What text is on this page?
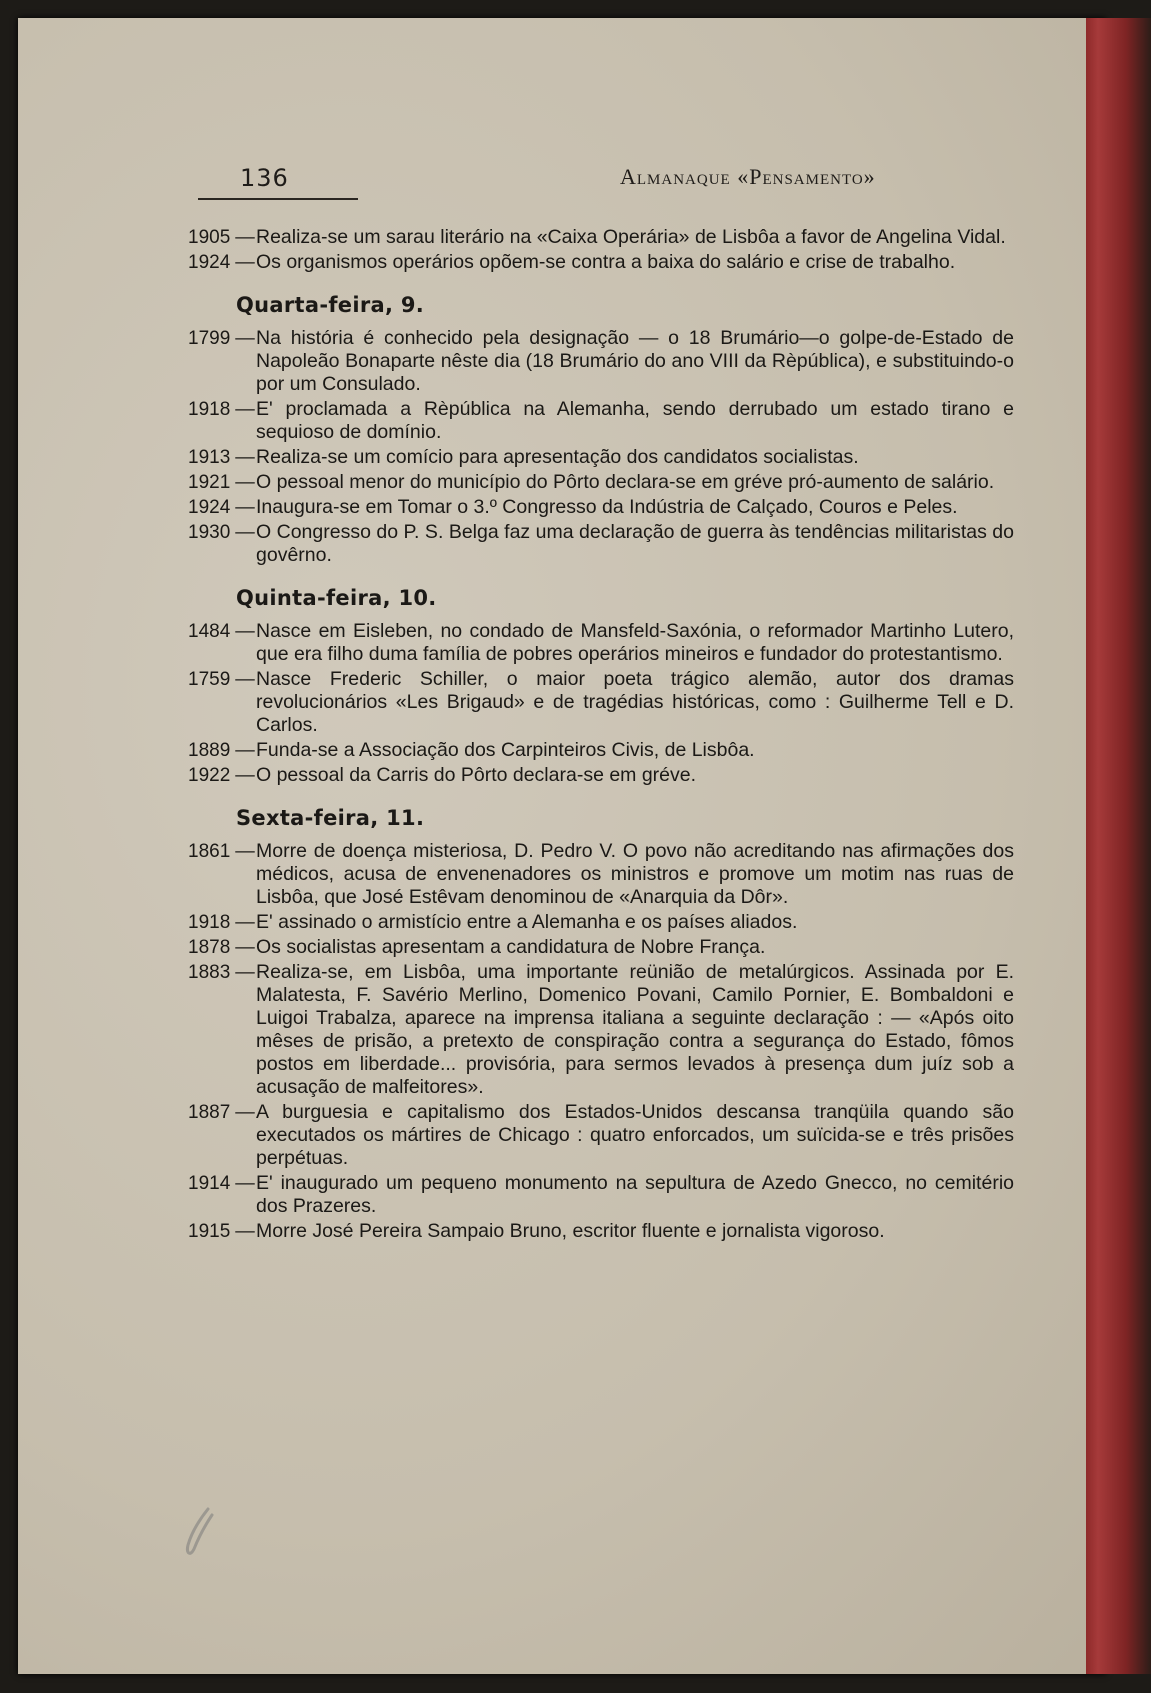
136	Almanaque «Pensamento»
1905 — Realiza-se um sarau literário na «Caixa Operária» de Lisbôa a favor de Angelina Vidal.
1924 — Os organismos operários opõem-se contra a baixa do salário e crise de trabalho.
Quarta-feira, 9.
1799 — Na história é conhecido pela designação — o 18 Brumário—o golpe-de-Estado de Napoleão Bonaparte nêste dia (18 Brumário do ano VIII da Rèpública), e substituindo-o por um Consulado.
1918 — E' proclamada a Rèpública na Alemanha, sendo derrubado um estado tirano e sequioso de domínio.
1913 — Realiza-se um comício para apresentação dos candidatos socialistas.
1921 — O pessoal menor do município do Pôrto declara-se em gréve pró-aumento de salário.
1924 — Inaugura-se em Tomar o 3.º Congresso da Indústria de Calçado, Couros e Peles.
1930 — O Congresso do P. S. Belga faz uma declaração de guerra às tendências militaristas do govêrno.
Quinta-feira, 10.
1484 — Nasce em Eisleben, no condado de Mansfeld-Saxónia, o reformador Martinho Lutero, que era filho duma família de pobres operários mineiros e fundador do protestantismo.
1759 — Nasce Frederic Schiller, o maior poeta trágico alemão, autor dos dramas revolucionários «Les Brigaud» e de tragédias históricas, como : Guilherme Tell e D. Carlos.
1889 — Funda-se a Associação dos Carpinteiros Civis, de Lisbôa.
1922 — O pessoal da Carris do Pôrto declara-se em gréve.
Sexta-feira, 11.
1861 — Morre de doença misteriosa, D. Pedro V. O povo não acreditando nas afirmações dos médicos, acusa de envenenadores os ministros e promove um motim nas ruas de Lisbôa, que José Estêvam denominou de «Anarquia da Dôr».
1918 — E' assinado o armistício entre a Alemanha e os países aliados.
1878 — Os socialistas apresentam a candidatura de Nobre França.
1883 — Realiza-se, em Lisbôa, uma importante reünião de metalúrgicos. Assinada por E. Malatesta, F. Savério Merlino, Domenico Povani, Camilo Pornier, E. Bombaldoni e Luigoi Trabalza, aparece na imprensa italiana a seguinte declaração : — «Após oito mêses de prisão, a pretexto de conspiração contra a segurança do Estado, fômos postos em liberdade... provisória, para sermos levados à presença dum juíz sob a acusação de malfeitores».
1887 — A burguesia e capitalismo dos Estados-Unidos descansa tranqüila quando são executados os mártires de Chicago : quatro enforcados, um suïcida-se e três prisões perpétuas.
1914 — E' inaugurado um pequeno monumento na sepultura de Azedo Gnecco, no cemitério dos Prazeres.
1915 — Morre José Pereira Sampaio Bruno, escritor fluente e jornalista vigoroso.
